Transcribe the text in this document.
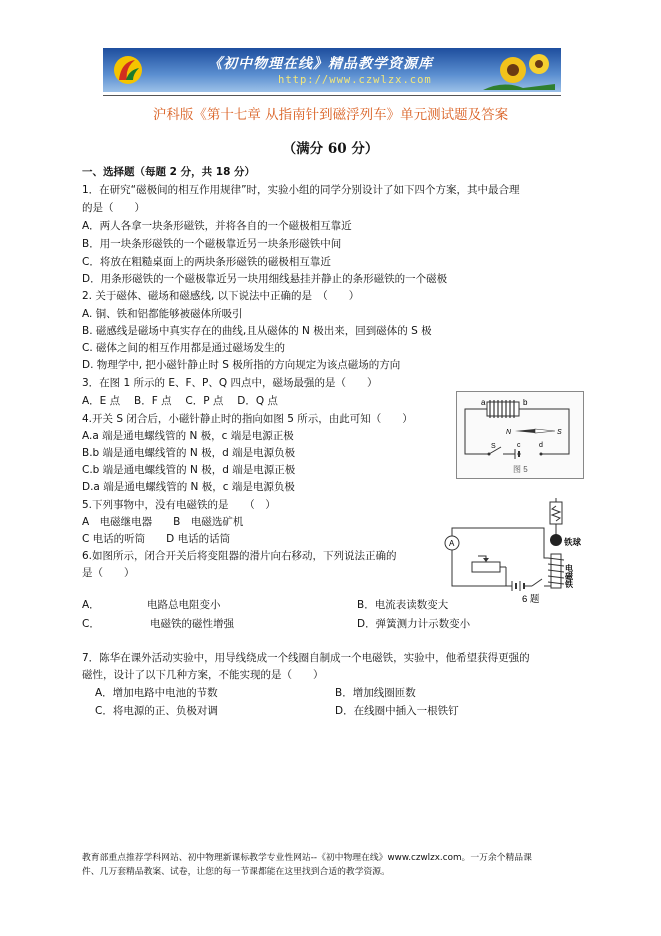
《初中物理在线》精品教学资源库
http://www.czwlzx.com
沪科版《第十七章 从指南针到磁浮列车》单元测试题及答案
（满分 60 分）
一、选择题（每题 2 分，共 18 分）
1．在研究“磁极间的相互作用规律”时，实验小组的同学分别设计了如下四个方案，其中最合理
的是（　　）
A．两人各拿一块条形磁铁，并将各自的一个磁极相互靠近
B．用一块条形磁铁的一个磁极靠近另一块条形磁铁中间
C．将放在粗糙桌面上的两块条形磁铁的磁极相互靠近
D．用条形磁铁的一个磁极靠近另一块用细线悬挂并静止的条形磁铁的一个磁极
2. 关于磁体、磁场和磁感线, 以下说法中正确的是　（　　）
A. 铜、铁和铝都能够被磁体所吸引
B. 磁感线是磁场中真实存在的曲线,且从磁体的 N 极出来，回到磁体的 S 极
C. 磁体之间的相互作用都是通过磁场发生的
D. 物理学中, 把小磁针静止时 S 极所指的方向规定为该点磁场的方向
3．在图 1 所示的 E、F、P、Q 四点中，磁场最强的是（　　）
A．E 点　 B．F 点　 C．P 点　 D．Q 点
4.开关 S 闭合后，小磁针静止时的指向如图 5 所示，由此可知（　　）
A.a 端是通电螺线管的 N 极，c 端是电源正极
B.b 端是通电螺线管的 N 极，d 端是电源负极
C.b 端是通电螺线管的 N 极，d 端是电源正极
D.a 端是通电螺线管的 N 极，c 端是电源负极
a	b
N	S
S	c	d
图 5
5.下列事物中，没有电磁铁的是　　（　）
A　电磁继电器　　B　电磁选矿机
C 电话的听筒　　D 电话的话筒
6.如图所示，闭合开关后将变阻器的滑片向右移动，下列说法正确的
是（　　）
铁球
电磁铁
A
6 题
A．	电路总电阻变小	B．电流表读数变大
C．	电磁铁的磁性增强	D．弹簧测力计示数变小
7．陈华在课外活动实验中，用导线绕成一个线圈自制成一个电磁铁，实验中，他希望获得更强的
磁性，设计了以下几种方案，不能实现的是（　　）
A．增加电路中电池的节数	B．增加线圈匝数
C．将电源的正、负极对调	D．在线圈中插入一根铁钉
教育部重点推荐学科网站、初中物理新课标教学专业性网站--《初中物理在线》www.czwlzx.com。一万余个精品课
件、几万套精品教案、试卷，让您的每一节课都能在这里找到合适的教学资源。
